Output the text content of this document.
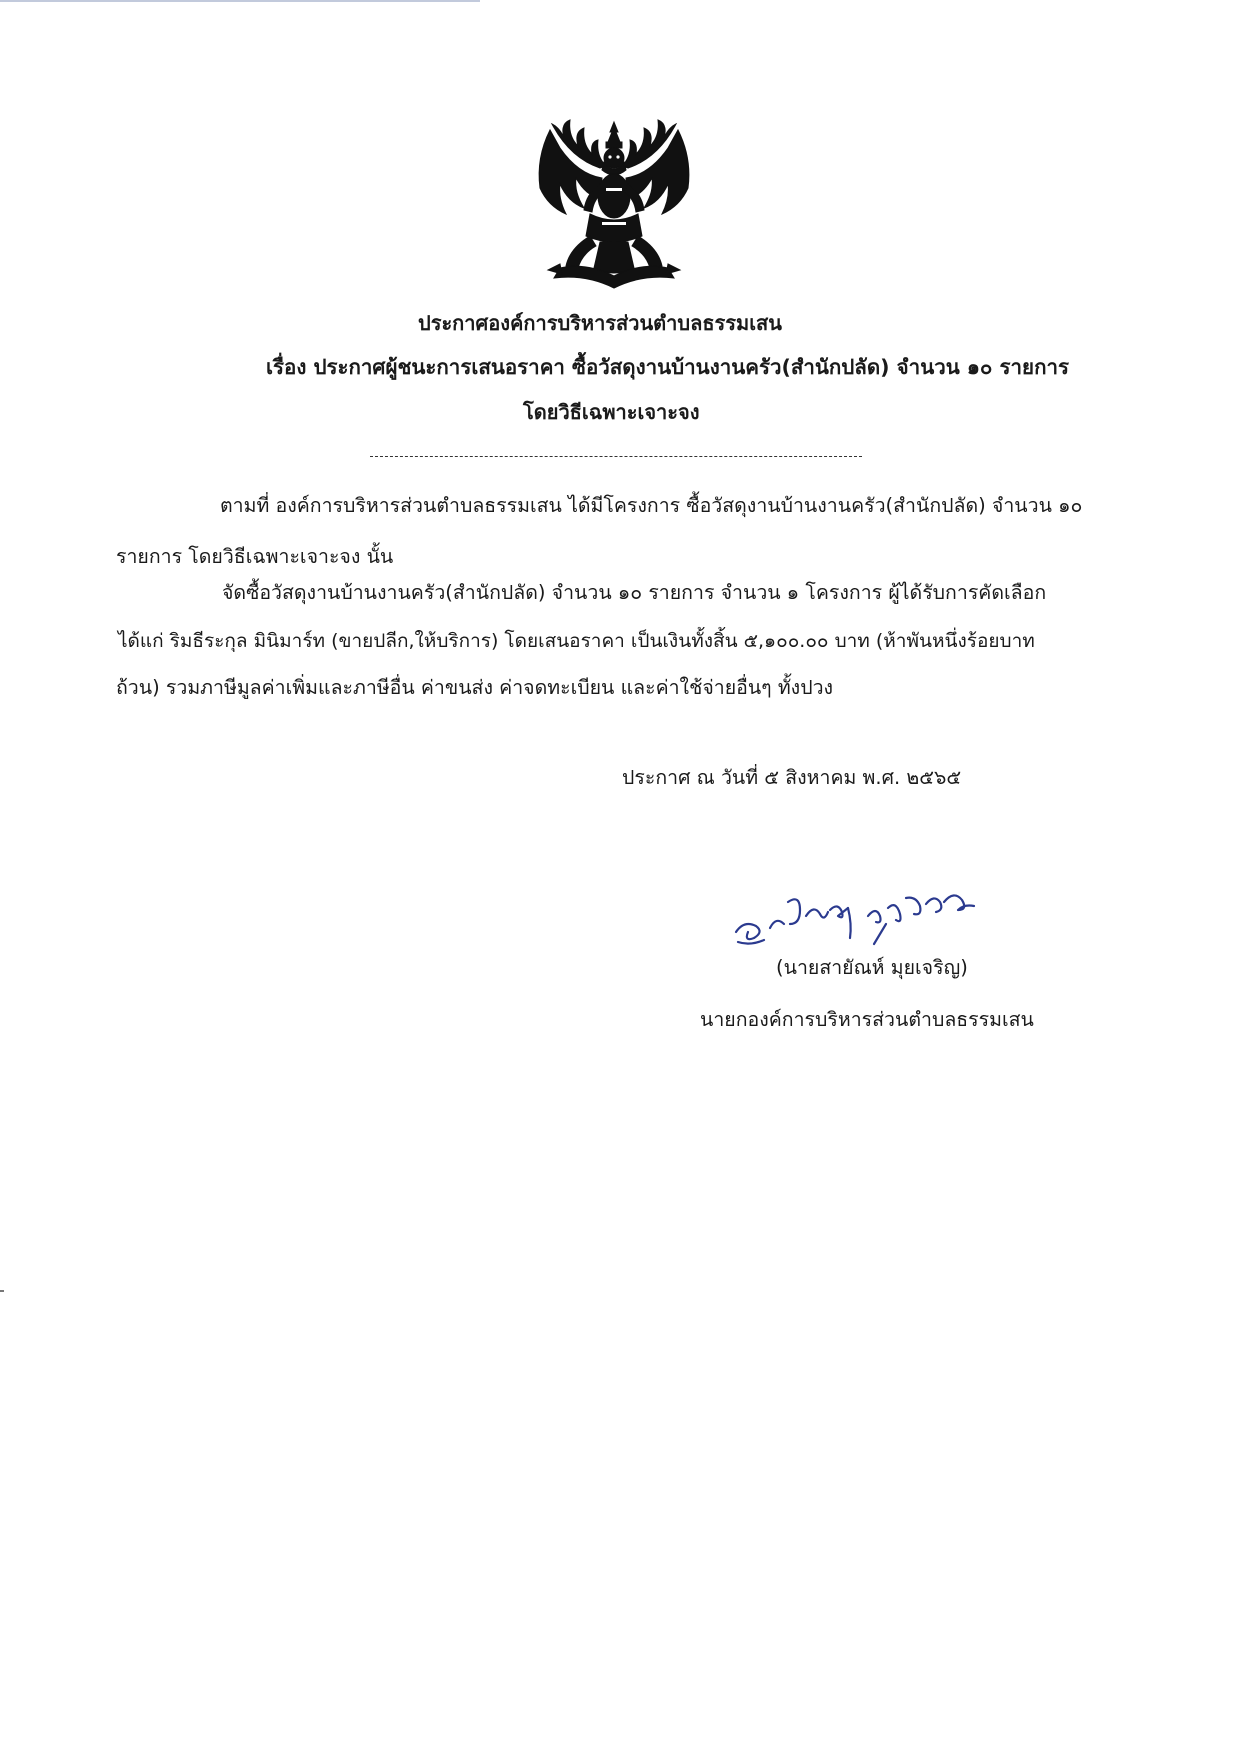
ประกาศองค์การบริหารส่วนตำบลธรรมเสน
เรื่อง ประกาศผู้ชนะการเสนอราคา ซื้อวัสดุงานบ้านงานครัว(สำนักปลัด) จำนวน ๑๐ รายการ
โดยวิธีเฉพาะเจาะจง
ตามที่ องค์การบริหารส่วนตำบลธรรมเสน ได้มีโครงการ ซื้อวัสดุงานบ้านงานครัว(สำนักปลัด) จำนวน ๑๐
รายการ โดยวิธีเฉพาะเจาะจง นั้น
จัดซื้อวัสดุงานบ้านงานครัว(สำนักปลัด) จำนวน ๑๐ รายการ จำนวน ๑ โครงการ ผู้ได้รับการคัดเลือก
ได้แก่ ริมธีระกุล มินิมาร์ท (ขายปลีก,ให้บริการ) โดยเสนอราคา เป็นเงินทั้งสิ้น ๕,๑๐๐.๐๐ บาท (ห้าพันหนึ่งร้อยบาท
ถ้วน) รวมภาษีมูลค่าเพิ่มและภาษีอื่น ค่าขนส่ง ค่าจดทะเบียน และค่าใช้จ่ายอื่นๆ ทั้งปวง
ประกาศ ณ วันที่ ๕ สิงหาคม พ.ศ. ๒๕๖๕
(นายสายัณห์ มุยเจริญ)
นายกองค์การบริหารส่วนตำบลธรรมเสน
